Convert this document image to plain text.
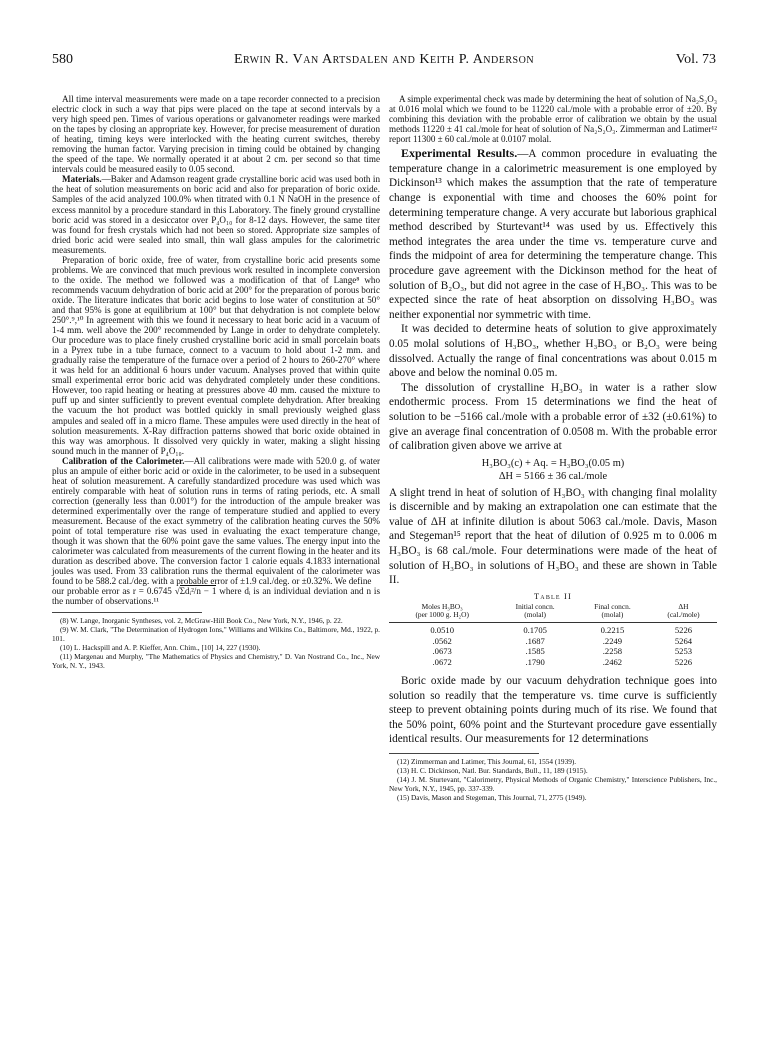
580	Erwin R. Van Artsdalen and Keith P. Anderson	Vol. 73

All time interval measurements were made on a tape recorder connected to a precision electric clock in such a way that pips were placed on the tape at second intervals by a very high speed pen. Times of various operations or galvanometer readings were marked on the tapes by closing an appropriate key. However, for precise measurement of duration of heating, timing keys were interlocked with the heating current switches, thereby removing the human factor. Varying precision in timing could be obtained by changing the speed of the tape. We normally operated it at about 2 cm. per second so that time intervals could be measured easily to 0.05 second.

Materials.—Baker and Adamson reagent grade crystalline boric acid was used both in the heat of solution measurements on boric acid and also for preparation of boric oxide. Samples of the acid analyzed 100.0% when titrated with 0.1 N NaOH in the presence of excess mannitol by a procedure standard in this Laboratory. The finely ground crystalline boric acid was stored in a desiccator over P₄O₁₀ for 8-12 days. However, the same titer was found for fresh crystals which had not been so stored. Appropriate size samples of dried boric acid were sealed into small, thin wall glass ampules for the calorimetric measurements.

Preparation of boric oxide, free of water, from crystalline boric acid presents some problems. We are convinced that much previous work resulted in incomplete conversion to the oxide. The method we followed was a modification of that of Lange⁸ who recommends vacuum dehydration of boric acid at 200° for the preparation of porous boric oxide. The literature indicates that boric acid begins to lose water of constitution at 50° and that 95% is gone at equilibrium at 100° but that dehydration is not complete below 250°.⁹,¹⁰ In agreement with this we found it necessary to heat boric acid in a vacuum of 1-4 mm. well above the 200° recommended by Lange in order to dehydrate completely. Our procedure was to place finely crushed crystalline boric acid in small porcelain boats in a Pyrex tube in a tube furnace, connect to a vacuum to hold about 1-2 mm. and gradually raise the temperature of the furnace over a period of 2 hours to 260-270° where it was held for an additional 6 hours under vacuum. Analyses proved that within quite small experimental error boric acid was dehydrated completely under these conditions. However, too rapid heating or heating at pressures above 40 mm. caused the mixture to puff up and sinter sufficiently to prevent eventual complete dehydration. After breaking the vacuum the hot product was bottled quickly in small previously weighed glass ampules and sealed off in a micro flame. These ampules were used directly in the heat of solution measurements. X-Ray diffraction patterns showed that boric oxide obtained in this way was amorphous. It dissolved very quickly in water, making a slight hissing sound much in the manner of P₄O₁₀.

Calibration of the Calorimeter.—All calibrations were made with 520.0 g. of water plus an ampule of either boric acid or oxide in the calorimeter, to be used in a subsequent heat of solution measurement. A carefully standardized procedure was used which was entirely comparable with heat of solution runs in terms of rating periods, etc. A small correction (generally less than 0.001°) for the introduction of the ampule breaker was determined experimentally over the range of temperature studied and applied to every measurement. Because of the exact symmetry of the calibration heating curves the 50% point of total temperature rise was used in evaluating the exact temperature change, though it was shown that the 60% point gave the same values. The energy input into the calorimeter was calculated from measurements of the current flowing in the heater and its duration as described above. The conversion factor 1 calorie equals 4.1833 international joules was used. From 33 calibration runs the thermal equivalent of the calorimeter was found to be 588.2 cal./deg. with a probable error of ±1.9 cal./deg. or ±0.32%. We define

our probable error as r = 0.6745 √Σdᵢ²/n − 1 where dᵢ is an individual deviation and n is the number of observations.¹¹

(8) W. Lange, Inorganic Syntheses, vol. 2, McGraw-Hill Book Co., New York, N.Y., 1946, p. 22.

(9) W. M. Clark, "The Determination of Hydrogen Ions," Williams and Wilkins Co., Baltimore, Md., 1922, p. 101.

(10) L. Hackspill and A. P. Kieffer, Ann. Chim., [10] 14, 227 (1930).

(11) Margenau and Murphy, "The Mathematics of Physics and Chemistry," D. Van Nostrand Co., Inc., New York, N. Y., 1943.

A simple experimental check was made by determining the heat of solution of Na₂S₂O₃ at 0.016 molal which we found to be 11220 cal./mole with a probable error of ±20. By combining this deviation with the probable error of calibration we obtain by the usual methods 11220 ± 41 cal./mole for heat of solution of Na₂S₂O₃. Zimmerman and Latimer¹² report 11300 ± 60 cal./mole at 0.0107 molal.

Experimental Results.—A common procedure in evaluating the temperature change in a calorimetric measurement is one employed by Dickinson¹³ which makes the assumption that the rate of temperature change is exponential with time and chooses the 60% point for determining temperature change. A very accurate but laborious graphical method described by Sturtevant¹⁴ was used by us. Effectively this method integrates the area under the time vs. temperature curve and finds the midpoint of area for determining the temperature change. This procedure gave agreement with the Dickinson method for the heat of solution of B₂O₃, but did not agree in the case of H₃BO₃. This was to be expected since the rate of heat absorption on dissolving H₃BO₃ was neither exponential nor symmetric with time.

It was decided to determine heats of solution to give approximately 0.05 molal solutions of H₃BO₃, whether H₃BO₃ or B₂O₃ were being dissolved. Actually the range of final concentrations was about 0.015 m above and below the nominal 0.05 m.

The dissolution of crystalline H₃BO₃ in water is a rather slow endothermic process. From 15 determinations we find the heat of solution to be −5166 cal./mole with a probable error of ±32 (±0.61%) to give an average final concentration of 0.0508 m. With the probable error of calibration given above we arrive at

H₃BO₃(c) + Aq. = H₃BO₃(0.05 m)
ΔH = 5166 ± 36 cal./mole

A slight trend in heat of solution of H₃BO₃ with changing final molality is discernible and by making an extrapolation one can estimate that the value of ΔH at infinite dilution is about 5063 cal./mole. Davis, Mason and Stegeman¹⁵ report that the heat of dilution of 0.925 m to 0.006 m H₃BO₃ is 68 cal./mole. Four determinations were made of the heat of solution of H₃BO₃ in solutions of H₃BO₃ and these are shown in Table II.

Table II
Moles H₃BO₃
(per 1000 g. H₂O)	Initial concn.
(molal)	Final concn.
(molal)	ΔH
(cal./mole)
0.0510	0.1705	0.2215	5226
.0562	.1687	.2249	5264
.0673	.1585	.2258	5253
.0672	.1790	.2462	5226

Boric oxide made by our vacuum dehydration technique goes into solution so readily that the temperature vs. time curve is sufficiently steep to prevent obtaining points during much of its rise. We found that the 50% point, 60% point and the Sturtevant procedure gave essentially identical results. Our measurements for 12 determinations

(12) Zimmerman and Latimer, This Journal, 61, 1554 (1939).

(13) H. C. Dickinson, Natl. Bur. Standards, Bull., 11, 189 (1915).

(14) J. M. Sturtevant, "Calorimetry, Physical Methods of Organic Chemistry," Interscience Publishers, Inc., New York, N.Y., 1945, pp. 337-339.

(15) Davis, Mason and Stegeman, This Journal, 71, 2775 (1949).
